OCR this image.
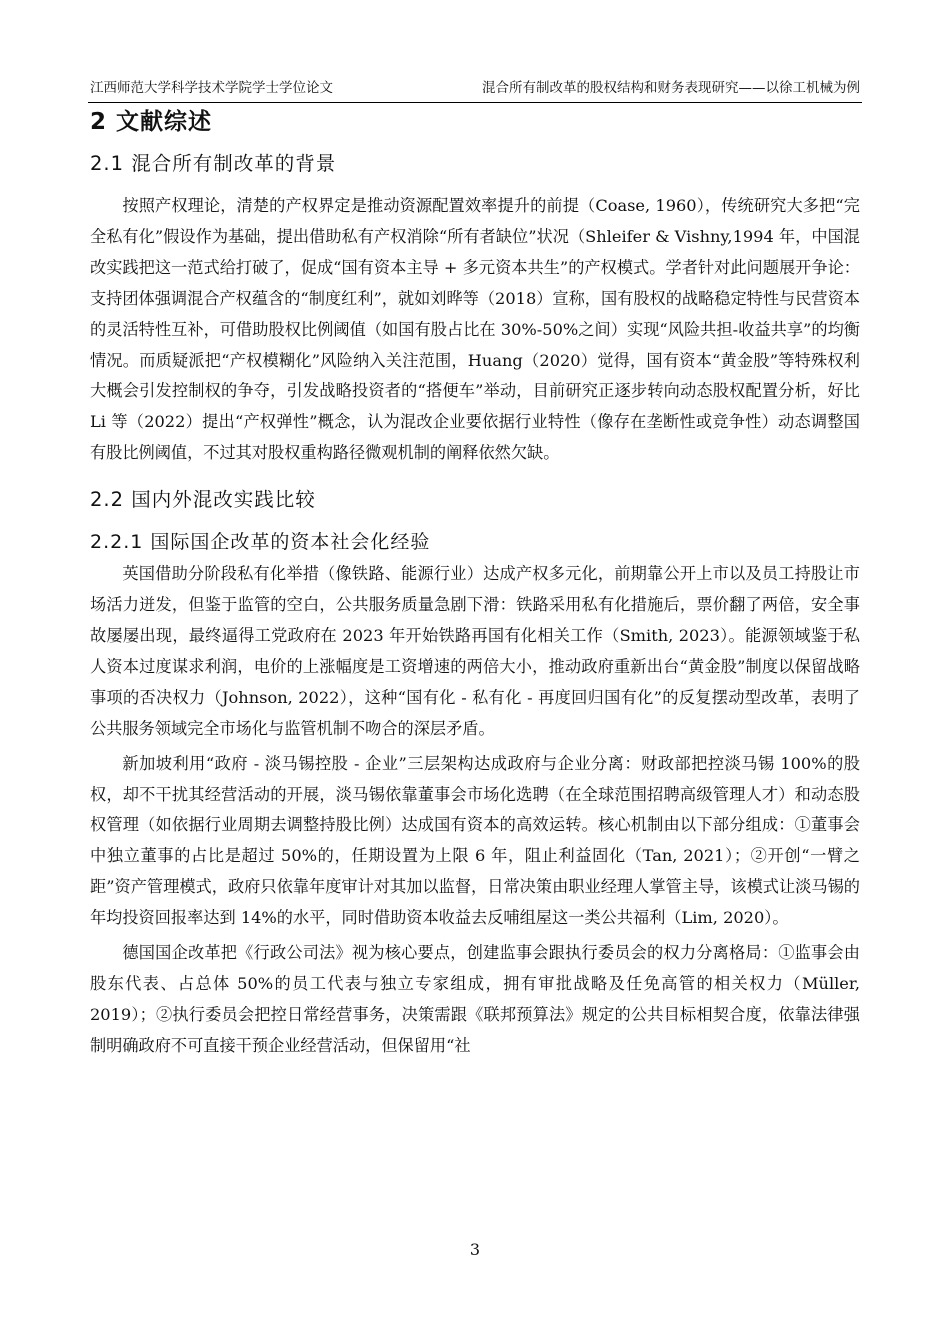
江西师范大学科学技术学院学士学位论文	混合所有制改革的股权结构和财务表现研究——以徐工机械为例
2 文献综述
2.1 混合所有制改革的背景

按照产权理论，清楚的产权界定是推动资源配置效率提升的前提（Coase, 1960），传统研究大多把“完全私有化”假设作为基础，提出借助私有产权消除“所有者缺位”状况（Shleifer & Vishny,1994 年，中国混改实践把这一范式给打破了，促成“国有资本主导 + 多元资本共生”的产权模式。学者针对此问题展开争论：支持团体强调混合产权蕴含的“制度红利”，就如刘晔等（2018）宣称，国有股权的战略稳定特性与民营资本的灵活特性互补，可借助股权比例阈值（如国有股占比在 30%-50%之间）实现“风险共担-收益共享”的均衡情况。而质疑派把“产权模糊化”风险纳入关注范围，Huang（2020）觉得，国有资本“黄金股”等特殊权利大概会引发控制权的争夺，引发战略投资者的“搭便车”举动，目前研究正逐步转向动态股权配置分析，好比 Li 等（2022）提出“产权弹性”概念，认为混改企业要依据行业特性（像存在垄断性或竞争性）动态调整国有股比例阈值，不过其对股权重构路径微观机制的阐释依然欠缺。

2.2 国内外混改实践比较
2.2.1 国际国企改革的资本社会化经验

英国借助分阶段私有化举措（像铁路、能源行业）达成产权多元化，前期靠公开上市以及员工持股让市场活力迸发，但鉴于监管的空白，公共服务质量急剧下滑：铁路采用私有化措施后，票价翻了两倍，安全事故屡屡出现，最终逼得工党政府在 2023 年开始铁路再国有化相关工作（Smith, 2023）。能源领域鉴于私人资本过度谋求利润，电价的上涨幅度是工资增速的两倍大小，推动政府重新出台“黄金股”制度以保留战略事项的否决权力（Johnson, 2022），这种“国有化 - 私有化 - 再度回归国有化”的反复摆动型改革，表明了公共服务领域完全市场化与监管机制不吻合的深层矛盾。

新加坡利用“政府 - 淡马锡控股 - 企业”三层架构达成政府与企业分离：财政部把控淡马锡 100%的股权，却不干扰其经营活动的开展，淡马锡依靠董事会市场化选聘（在全球范围招聘高级管理人才）和动态股权管理（如依据行业周期去调整持股比例）达成国有资本的高效运转。核心机制由以下部分组成：①董事会中独立董事的占比是超过 50%的，任期设置为上限 6 年，阻止利益固化（Tan, 2021）；②开创“一臂之距”资产管理模式，政府只依靠年度审计对其加以监督，日常决策由职业经理人掌管主导，该模式让淡马锡的年均投资回报率达到 14%的水平，同时借助资本收益去反哺组屋这一类公共福利（Lim, 2020）。

德国国企改革把《行政公司法》视为核心要点，创建监事会跟执行委员会的权力分离格局：①监事会由股东代表、占总体 50%的员工代表与独立专家组成，拥有审批战略及任免高管的相关权力（Müller, 2019）；②执行委员会把控日常经营事务，决策需跟《联邦预算法》规定的公共目标相契合度，依靠法律强制明确政府不可直接干预企业经营活动，但保留用“社

3
